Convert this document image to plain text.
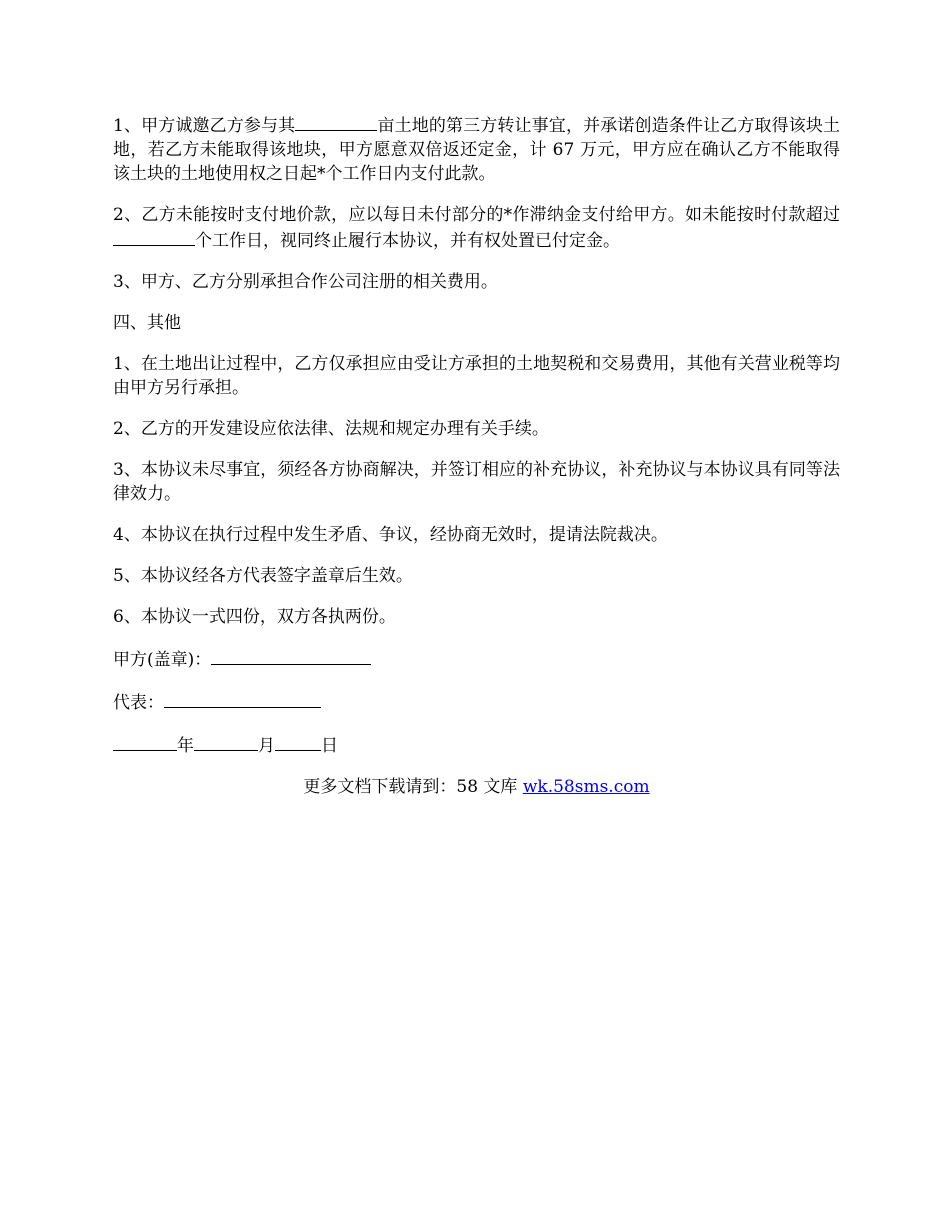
1、甲方诚邀乙方参与其	亩土地的第三方转让事宜，并承诺创造条件让乙方取得该块土地，若乙方未能取得该地块，甲方愿意双倍返还定金，计 67 万元，甲方应在确认乙方不能取得该土块的土地使用权之日起*个工作日内支付此款。

2、乙方未能按时支付地价款，应以每日未付部分的*作滞纳金支付给甲方。如未能按时付款超过个工作日，视同终止履行本协议，并有权处置已付定金。

3、甲方、乙方分别承担合作公司注册的相关费用。

四、其他

1、在土地出让过程中，乙方仅承担应由受让方承担的土地契税和交易费用，其他有关营业税等均由甲方另行承担。

2、乙方的开发建设应依法律、法规和规定办理有关手续。

3、本协议未尽事宜，须经各方协商解决，并签订相应的补充协议，补充协议与本协议具有同等法律效力。

4、本协议在执行过程中发生矛盾、争议，经协商无效时，提请法院裁决。

5、本协议经各方代表签字盖章后生效。

6、本协议一式四份，双方各执两份。

甲方(盖章)：

代表：

年	月	日

更多文档下载请到：58 文库 wk.58sms.com
